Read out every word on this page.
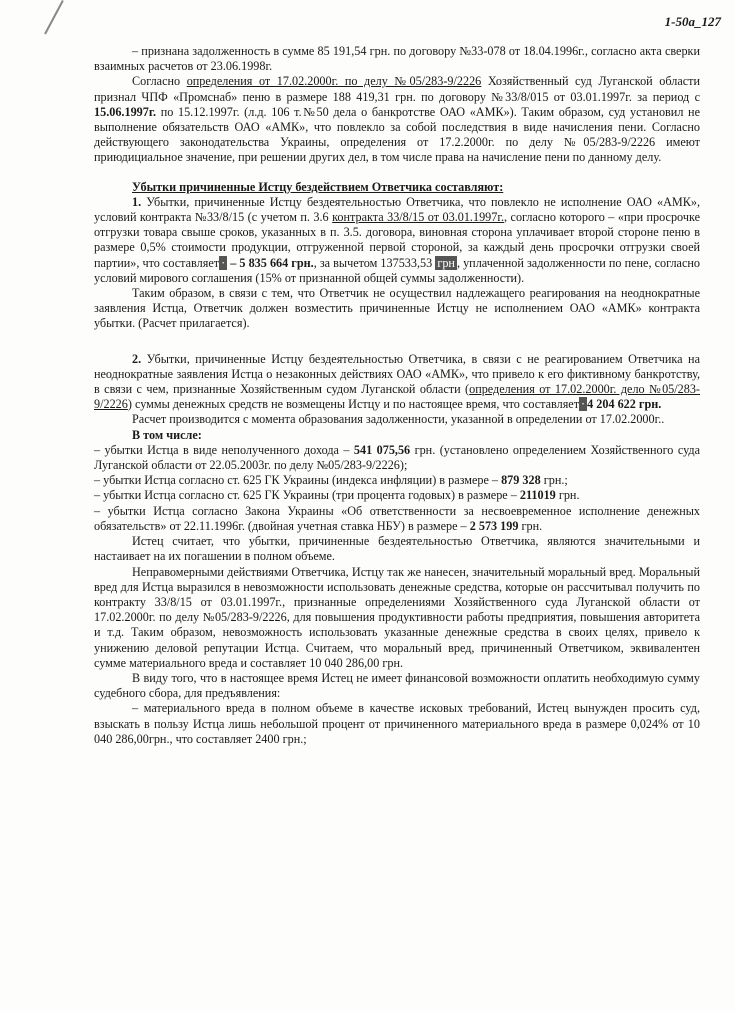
1-50а_127

– признана задолженность в сумме 85 191,54 грн. по договору №33-078 от 18.04.1996г., согласно акта сверки взаимных расчетов от 23.06.1998г.

Согласно определения от 17.02.2000г. по делу №05/283-9/2226 Хозяйственный суд Луганской области признал ЧПФ «Промснаб» пеню в размере 188 419,31 грн. по договору №33/8/015 от 03.01.1997г. за период с 15.06.1997г. по 15.12.1997г. (л.д. 106 т.№50 дела о банкротстве ОАО «АМК»). Таким образом, суд установил не выполнение обязательств ОАО «АМК», что повлекло за собой последствия в виде начисления пени. Согласно действующего законодательства Украины, определения от 17.2.2000г. по делу №05/283-9/2226 имеют приюдициальное значение, при решении других дел, в том числе права на начисление пени по данному делу.

Убытки причиненные Истцу бездействием Ответчика составляют:

1. Убытки, причиненные Истцу бездеятельностью Ответчика, что повлекло не исполнение ОАО «АМК», условий контракта №33/8/15 (с учетом п. 3.6 контракта 33/8/15 от 03.01.1997г., согласно которого – «при просрочке отгрузки товара свыше сроков, указанных в п. 3.5. договора, виновная сторона уплачивает второй стороне пеню в размере 0,5% стоимости продукции, отгруженной первой стороной, за каждый день просрочки отгрузки своей партии», что составляет · – 5 835 664 грн., за вычетом 137533,53 грн , уплаченной задолженности по пене, согласно условий мирового соглашения (15% от признанной общей суммы задолженности).

Таким образом, в связи с тем, что Ответчик не осуществил надлежащего реагирования на неоднократные заявления Истца, Ответчик должен возместить причиненные Истцу не исполнением ОАО «АМК» контракта убытки. (Расчет прилагается).

2. Убытки, причиненные Истцу бездеятельностью Ответчика, в связи с не реагированием Ответчика на неоднократные заявления Истца о незаконных действиях ОАО «АМК», что привело к его фиктивному банкротству, в связи с чем, признанные Хозяйственным судом Луганской области (определения от 17.02.2000г. дело №05/283-9/2226) суммы денежных средств не возмещены Истцу и по настоящее время, что составляет · 4 204 622 грн.

Расчет производится с момента образования задолженности, указанной в определении от 17.02.2000г..

В том числе:

– убытки Истца в виде неполученного дохода – 541 075,56 грн. (установлено определением Хозяйственного суда Луганской области от 22.05.2003г. по делу №05/283-9/2226);

– убытки Истца согласно ст. 625 ГК Украины (индекса инфляции) в размере – 879 328 грн.;

– убытки Истца согласно ст. 625 ГК Украины (три процента годовых) в размере – 211019 грн.

– убытки Истца согласно Закона Украины «Об ответственности за несвоевременное исполнение денежных обязательств» от 22.11.1996г. (двойная учетная ставка НБУ) в размере – 2 573 199 грн.

Истец считает, что убытки, причиненные бездеятельностью Ответчика, являются значительными и настаивает на их погашении в полном объеме.

Неправомерными действиями Ответчика, Истцу так же нанесен, значительный моральный вред. Моральный вред для Истца выразился в невозможности использовать денежные средства, которые он рассчитывал получить по контракту 33/8/15 от 03.01.1997г., признанные определениями Хозяйственного суда Луганской области от 17.02.2000г. по делу №05/283-9/2226, для повышения продуктивности работы предприятия, повышения авторитета и т.д. Таким образом, невозможность использовать указанные денежные средства в своих целях, привело к унижению деловой репутации Истца. Считаем, что моральный вред, причиненный Ответчиком, эквивалентен сумме материального вреда и составляет 10 040 286,00 грн.

В виду того, что в настоящее время Истец не имеет финансовой возможности оплатить необходимую сумму судебного сбора, для предъявления:

– материального вреда в полном объеме в качестве исковых требований, Истец вынужден просить суд, взыскать в пользу Истца лишь небольшой процент от причиненного материального вреда в размере 0,024% от 10 040 286,00грн., что составляет 2400 грн.;
